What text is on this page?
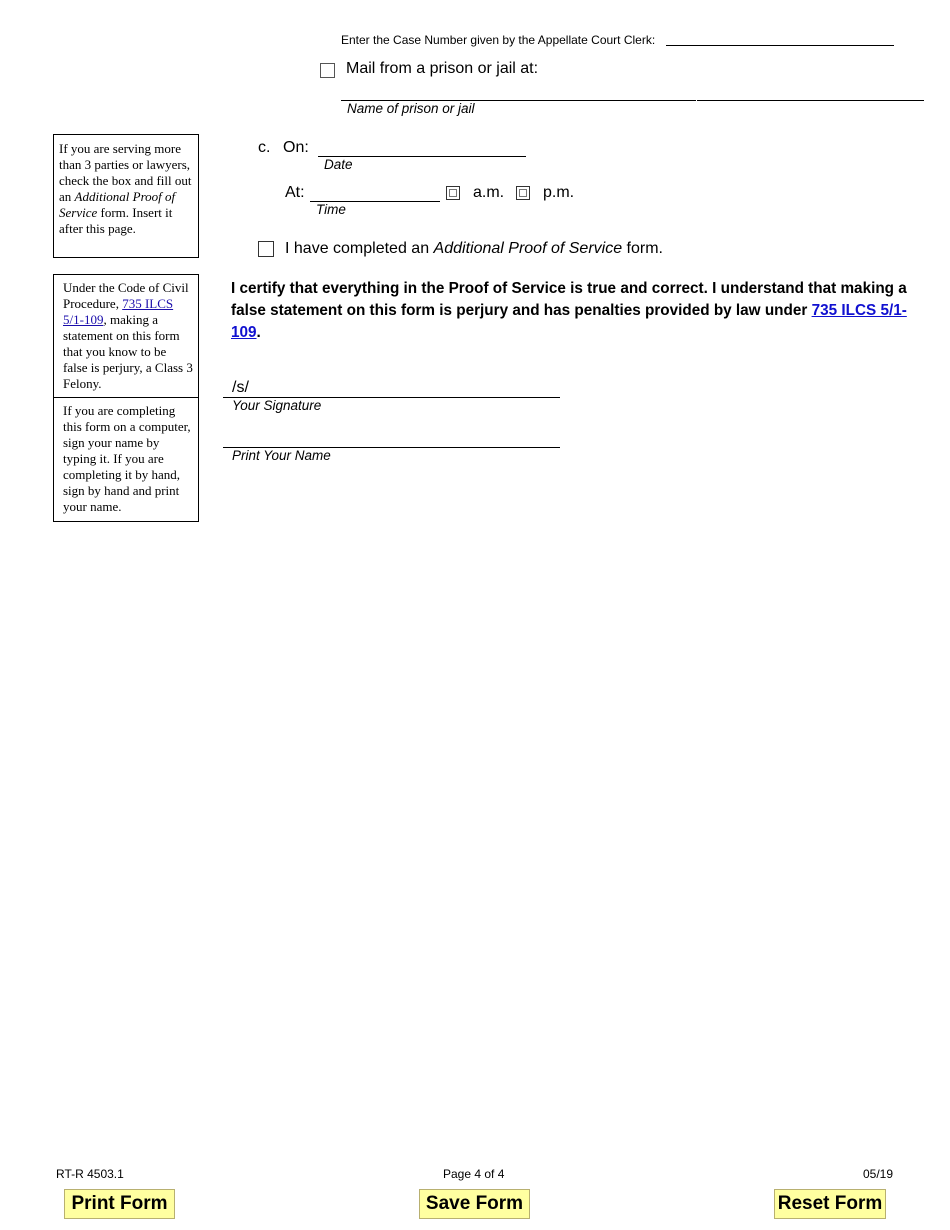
Enter the Case Number given by the Appellate Court Clerk:
Mail from a prison or jail at:
Name of prison or jail
If you are serving more than 3 parties or lawyers, check the box and fill out an Additional Proof of Service form. Insert it after this page.
c. On:
Date
At:
Time
a.m. p.m.
I have completed an Additional Proof of Service form.
Under the Code of Civil Procedure, 735 ILCS 5/1-109, making a statement on this form that you know to be false is perjury, a Class 3 Felony.
If you are completing this form on a computer, sign your name by typing it. If you are completing it by hand, sign by hand and print your name.
I certify that everything in the Proof of Service is true and correct. I understand that making a false statement on this form is perjury and has penalties provided by law under 735 ILCS 5/1-109.
/s/
Your Signature
Print Your Name
RT-R 4503.1	Page 4 of 4	05/19
Print Form	Save Form	Reset Form
